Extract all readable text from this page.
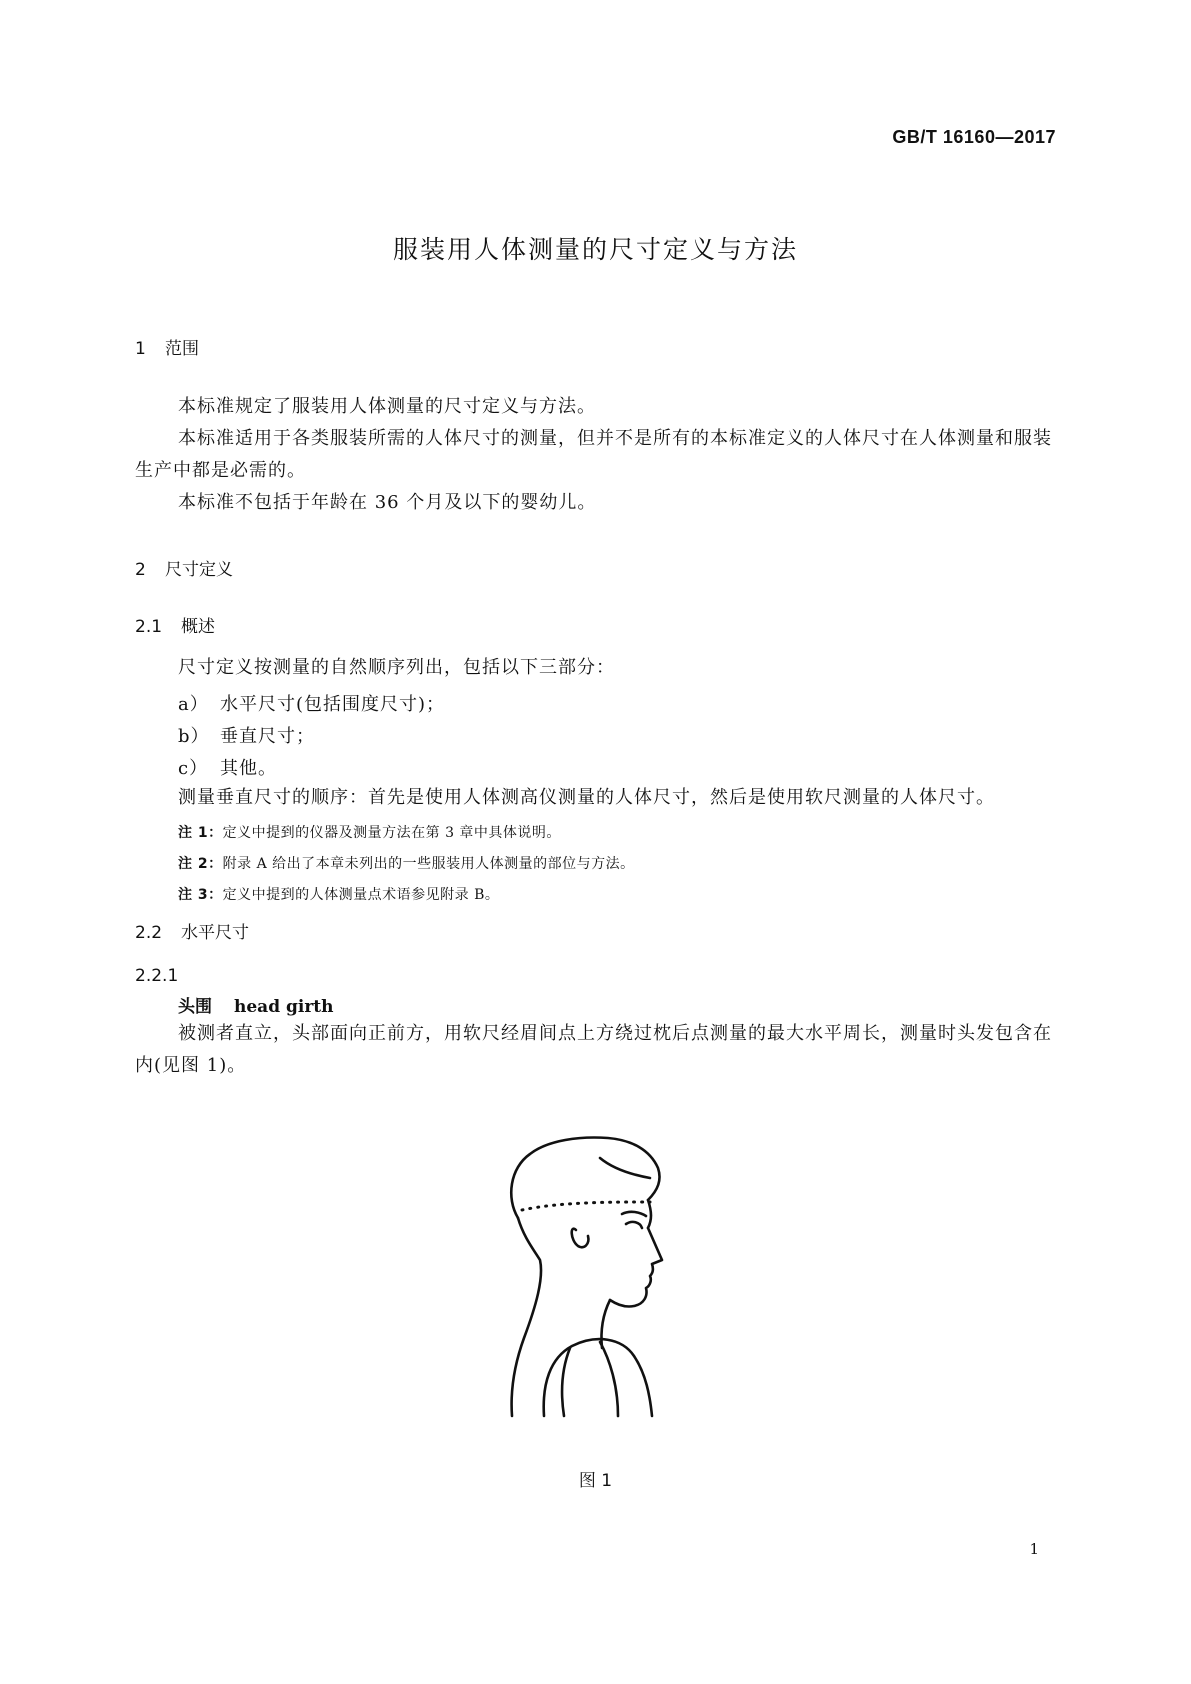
GB/T 16160—2017
服装用人体测量的尺寸定义与方法
1 范围
本标准规定了服装用人体测量的尺寸定义与方法。
本标准适用于各类服装所需的人体尺寸的测量，但并不是所有的本标准定义的人体尺寸在人体测量和服装生产中都是必需的。
本标准不包括于年龄在 36 个月及以下的婴幼儿。
2 尺寸定义
2.1 概述
尺寸定义按测量的自然顺序列出，包括以下三部分：
a） 水平尺寸(包括围度尺寸)；
b） 垂直尺寸；
c） 其他。
测量垂直尺寸的顺序：首先是使用人体测高仪测量的人体尺寸，然后是使用软尺测量的人体尺寸。
注 1：定义中提到的仪器及测量方法在第 3 章中具体说明。
注 2：附录 A 给出了本章未列出的一些服装用人体测量的部位与方法。
注 3：定义中提到的人体测量点术语参见附录 B。
2.2 水平尺寸
2.2.1
头围 head girth
被测者直立，头部面向正前方，用软尺经眉间点上方绕过枕后点测量的最大水平周长，测量时头发包含在内(见图 1)。
图 1
1
